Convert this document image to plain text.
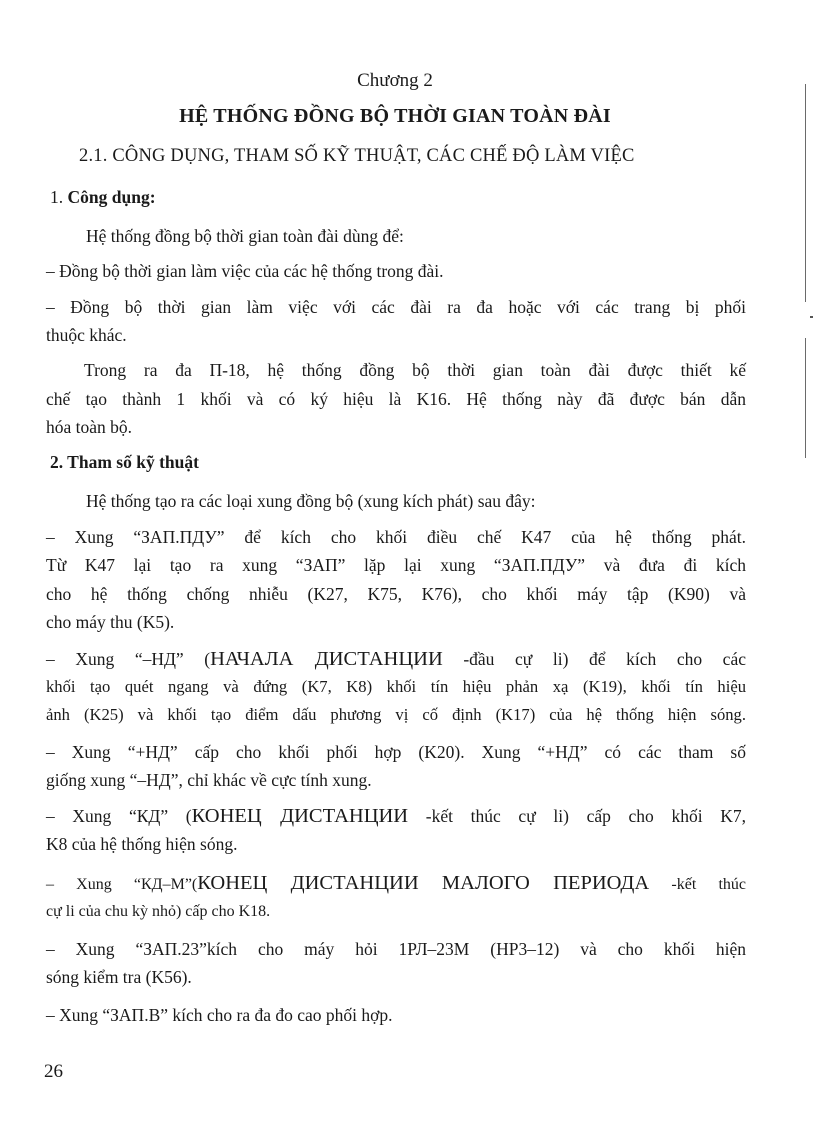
Chương 2
HỆ THỐNG ĐỒNG BỘ THỜI GIAN TOÀN ĐÀI
2.1. CÔNG DỤNG, THAM SỐ KỸ THUẬT, CÁC CHẾ ĐỘ LÀM VIỆC
1. Công dụng:
Hệ thống đồng bộ thời gian toàn đài dùng để:
– Đồng bộ thời gian làm việc của các hệ thống trong đài.
– Đồng bộ thời gian làm việc với các đài ra đa hoặc với các trang bị phối
thuộc khác.
Trong ra đa П-18, hệ thống đồng bộ thời gian toàn đài được thiết kế
chế tạo thành 1 khối và có ký hiệu là K16. Hệ thống này đã được bán dẫn
hóa toàn bộ.
2. Tham số kỹ thuật
Hệ thống tạo ra các loại xung đồng bộ (xung kích phát) sau đây:
– Xung “ЗАП.ПДУ” để kích cho khối điều chế K47 của hệ thống phát.
Từ K47 lại tạo ra xung “ЗАП” lặp lại xung “ЗАП.ПДУ” và đưa đi kích
cho hệ thống chống nhiễu (K27, K75, K76), cho khối máy tập (K90) và
cho máy thu (K5).
– Xung “–НД” (НАЧАЛА ДИСТАНЦИИ -đầu cự li) để kích cho các
khối tạo quét ngang và đứng (K7, K8) khối tín hiệu phản xạ (K19), khối tín hiệu
ảnh (K25) và khối tạo điểm dấu phương vị cố định (K17) của hệ thống hiện sóng.
– Xung “+НД” cấp cho khối phối hợp (K20). Xung “+НД” có các tham số
giống xung “–НД”, chỉ khác về cực tính xung.
– Xung “КД” (КОНЕЦ ДИСТАНЦИИ -kết thúc cự li) cấp cho khối K7,
K8 của hệ thống hiện sóng.
– Xung “КД–М”(КОНЕЦ ДИСТАНЦИИ МАЛОГО ПЕРИОДА -kết thúc
cự li của chu kỳ nhỏ) cấp cho K18.
– Xung “ЗАП.23”kích cho máy hỏi 1РЛ–23М (НР3–12) và cho khối hiện
sóng kiểm tra (K56).
– Xung “ЗАП.В” kích cho ra đa đo cao phối hợp.
26
